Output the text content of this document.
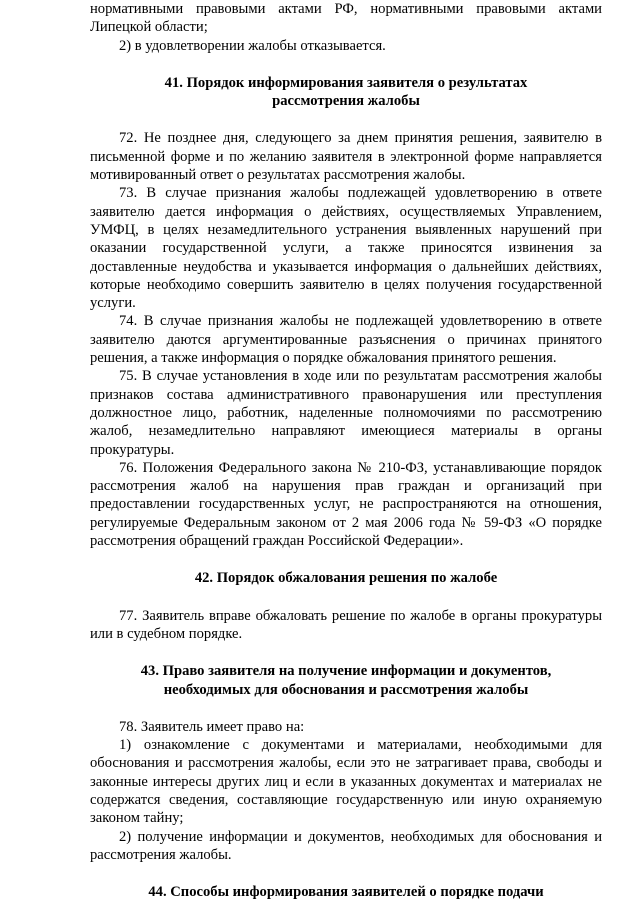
нормативными правовыми актами РФ, нормативными правовыми актами Липецкой области;

2) в удовлетворении жалобы отказывается.

41. Порядок информирования заявителя о результатах
рассмотрения жалобы

72. Не позднее дня, следующего за днем принятия решения, заявителю в письменной форме и по желанию заявителя в электронной форме направляется мотивированный ответ о результатах рассмотрения жалобы.

73. В случае признания жалобы подлежащей удовлетворению в ответе заявителю дается информация о действиях, осуществляемых Управлением, УМФЦ, в целях незамедлительного устранения выявленных нарушений при оказании государственной услуги, а также приносятся извинения за доставленные неудобства и указывается информация о дальнейших действиях, которые необходимо совершить заявителю в целях получения государственной услуги.

74. В случае признания жалобы не подлежащей удовлетворению в ответе заявителю даются аргументированные разъяснения о причинах принятого решения, а также информация о порядке обжалования принятого решения.

75. В случае установления в ходе или по результатам рассмотрения жалобы признаков состава административного правонарушения или преступления должностное лицо, работник, наделенные полномочиями по рассмотрению жалоб, незамедлительно направляют имеющиеся материалы в органы прокуратуры.

76. Положения Федерального закона № 210-ФЗ, устанавливающие порядок рассмотрения жалоб на нарушения прав граждан и организаций при предоставлении государственных услуг, не распространяются на отношения, регулируемые Федеральным законом от 2 мая 2006 года № 59-ФЗ «О порядке рассмотрения обращений граждан Российской Федерации».

42. Порядок обжалования решения по жалобе

77. Заявитель вправе обжаловать решение по жалобе в органы прокуратуры или в судебном порядке.

43. Право заявителя на получение информации и документов,
необходимых для обоснования и рассмотрения жалобы

78. Заявитель имеет право на:

1) ознакомление с документами и материалами, необходимыми для обоснования и рассмотрения жалобы, если это не затрагивает права, свободы и законные интересы других лиц и если в указанных документах и материалах не содержатся сведения, составляющие государственную или иную охраняемую законом тайну;

2) получение информации и документов, необходимых для обоснования и рассмотрения жалобы.

44. Способы информирования заявителей о порядке подачи
